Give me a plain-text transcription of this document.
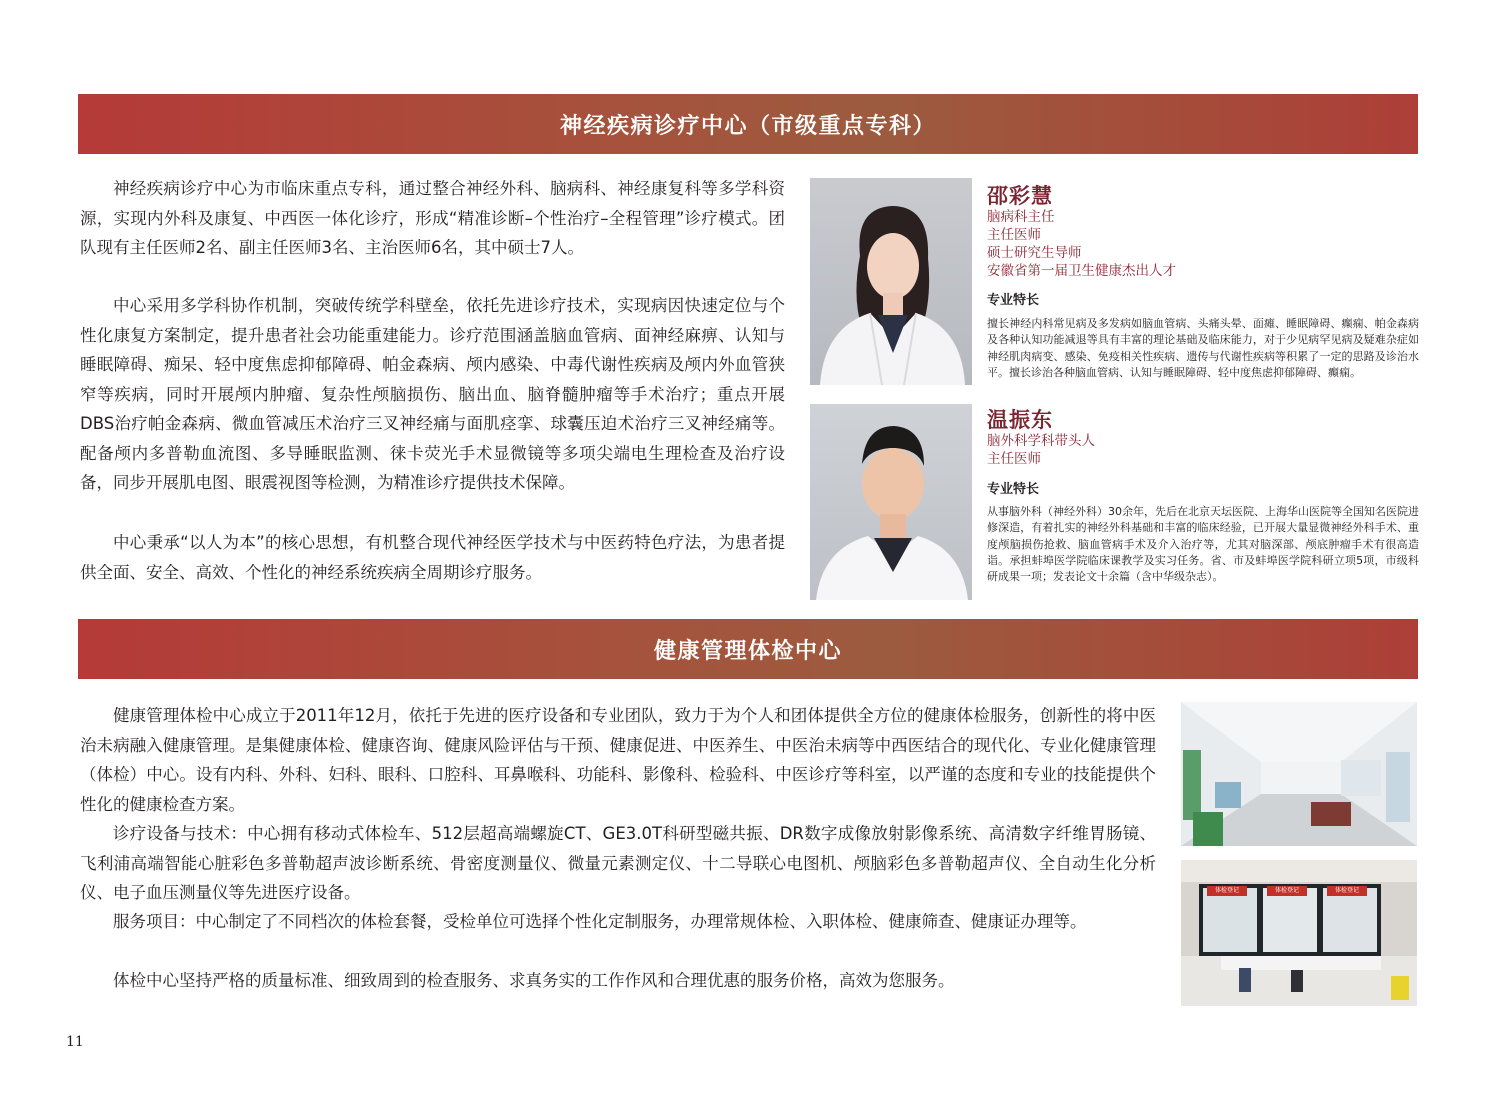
神经疾病诊疗中心（市级重点专科）

神经疾病诊疗中心为市临床重点专科，通过整合神经外科、脑病科、神经康复科等多学科资源，实现内外科及康复、中西医一体化诊疗，形成“精准诊断–个性治疗–全程管理”诊疗模式。团队现有主任医师2名、副主任医师3名、主治医师6名，其中硕士7人。

中心采用多学科协作机制，突破传统学科壁垒，依托先进诊疗技术，实现病因快速定位与个性化康复方案制定，提升患者社会功能重建能力。诊疗范围涵盖脑血管病、面神经麻痹、认知与睡眠障碍、痴呆、轻中度焦虑抑郁障碍、帕金森病、颅内感染、中毒代谢性疾病及颅内外血管狭窄等疾病，同时开展颅内肿瘤、复杂性颅脑损伤、脑出血、脑脊髓肿瘤等手术治疗；重点开展DBS治疗帕金森病、微血管减压术治疗三叉神经痛与面肌痉挛、球囊压迫术治疗三叉神经痛等。配备颅内多普勒血流图、多导睡眠监测、徕卡荧光手术显微镜等多项尖端电生理检查及治疗设备，同步开展肌电图、眼震视图等检测，为精准诊疗提供技术保障。

中心秉承“以人为本”的核心思想，有机整合现代神经医学技术与中医药特色疗法，为患者提供全面、安全、高效、个性化的神经系统疾病全周期诊疗服务。

邵彩慧
脑病科主任
主任医师
硕士研究生导师
安徽省第一届卫生健康杰出人才
专业特长

擅长神经内科常见病及多发病如脑血管病、头痛头晕、面瘫、睡眠障碍、癫痫、帕金森病及各种认知功能减退等具有丰富的理论基础及临床能力，对于少见病罕见病及疑难杂症如神经肌肉病变、感染、免疫相关性疾病、遗传与代谢性疾病等积累了一定的思路及诊治水平。擅长诊治各种脑血管病、认知与睡眠障碍、轻中度焦虑抑郁障碍、癫痫。

温振东
脑外科学科带头人
主任医师
专业特长

从事脑外科（神经外科）30余年，先后在北京天坛医院、上海华山医院等全国知名医院进修深造，有着扎实的神经外科基础和丰富的临床经验，已开展大量显微神经外科手术、重度颅脑损伤抢救、脑血管病手术及介入治疗等，尤其对脑深部、颅底肿瘤手术有很高造诣。承担蚌埠医学院临床课教学及实习任务。省、市及蚌埠医学院科研立项5项，市级科研成果一项；发表论文十余篇（含中华级杂志）。

健康管理体检中心

健康管理体检中心成立于2011年12月，依托于先进的医疗设备和专业团队，致力于为个人和团体提供全方位的健康体检服务，创新性的将中医治未病融入健康管理。是集健康体检、健康咨询、健康风险评估与干预、健康促进、中医养生、中医治未病等中西医结合的现代化、专业化健康管理（体检）中心。设有内科、外科、妇科、眼科、口腔科、耳鼻喉科、功能科、影像科、检验科、中医诊疗等科室，以严谨的态度和专业的技能提供个性化的健康检查方案。

诊疗设备与技术：中心拥有移动式体检车、512层超高端螺旋CT、GE3.0T科研型磁共振、DR数字成像放射影像系统、高清数字纤维胃肠镜、飞利浦高端智能心脏彩色多普勒超声波诊断系统、骨密度测量仪、微量元素测定仪、十二导联心电图机、颅脑彩色多普勒超声仪、全自动生化分析仪、电子血压测量仪等先进医疗设备。

服务项目：中心制定了不同档次的体检套餐，受检单位可选择个性化定制服务，办理常规体检、入职体检、健康筛查、健康证办理等。

体检中心坚持严格的质量标准、细致周到的检查服务、求真务实的工作作风和合理优惠的服务价格，高效为您服务。

体检登记	体检登记	体检登记
11
